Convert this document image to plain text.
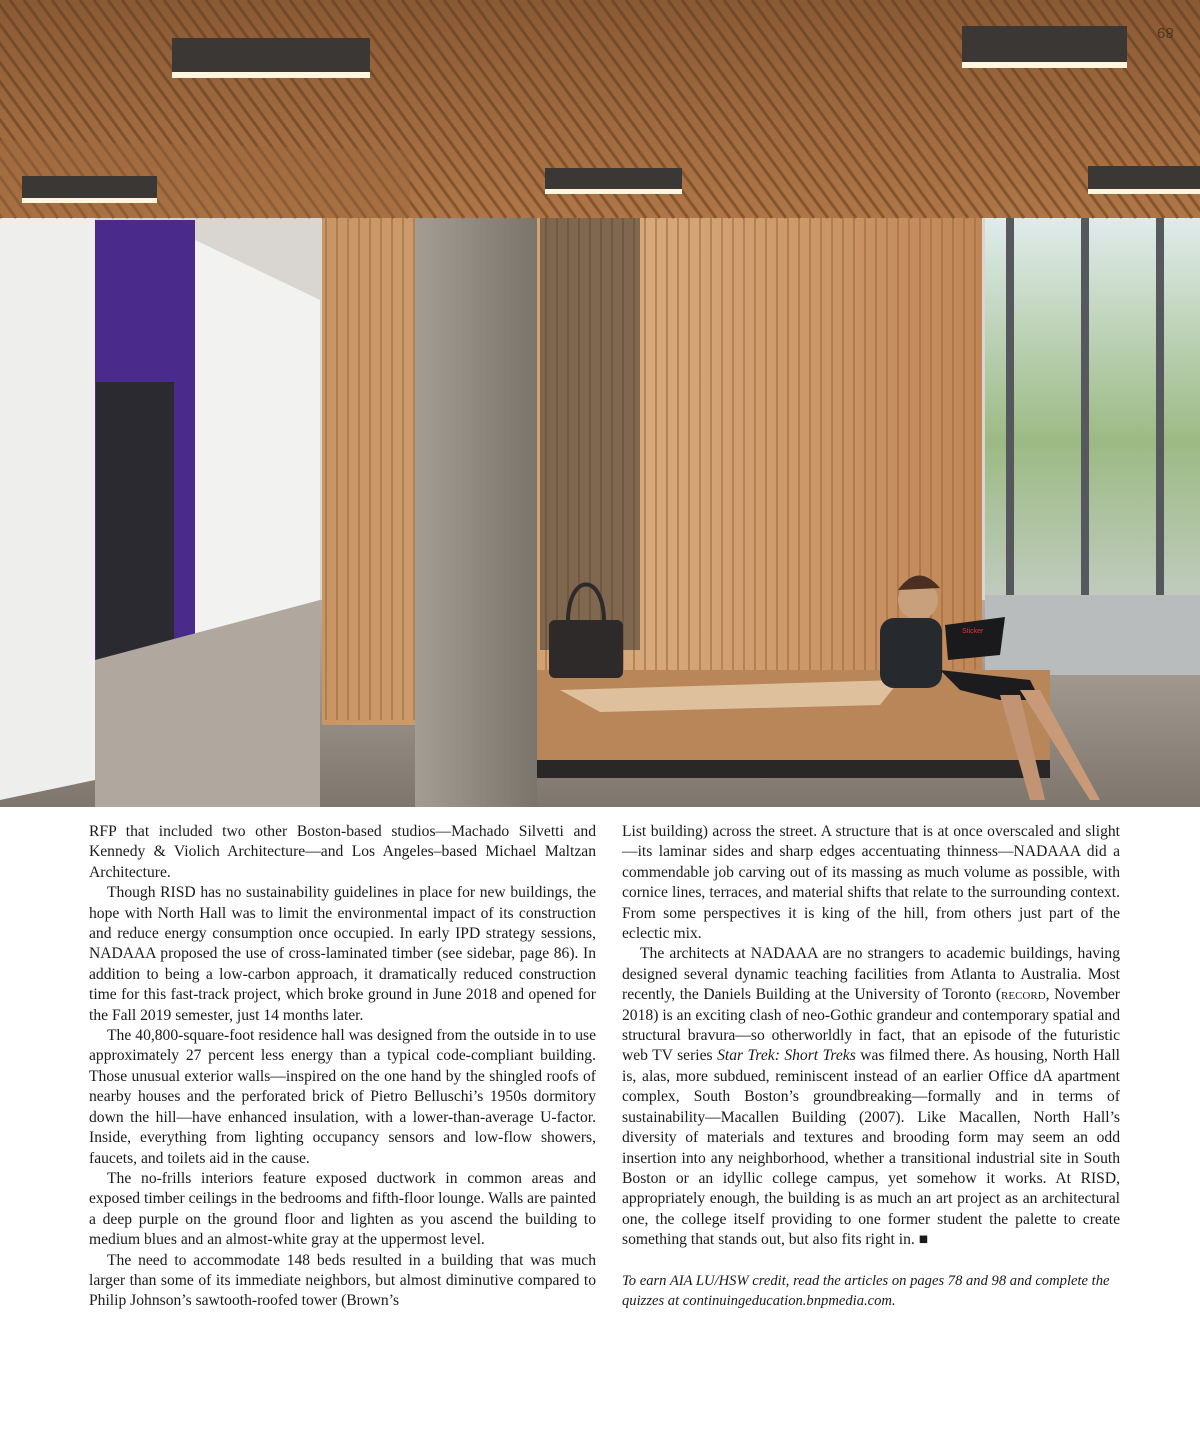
Sticker
89

RFP that included two other Boston-based studios—Machado Silvetti and Kennedy & Violich Architecture—and Los Angeles–based Michael Maltzan Architecture.

Though RISD has no sustainability guidelines in place for new buildings, the hope with North Hall was to limit the environmental impact of its construction and reduce energy consumption once occupied. In early IPD strategy sessions, NADAAA proposed the use of cross-laminated timber (see sidebar, page 86). In addition to being a low-carbon approach, it dramatically reduced construction time for this fast-track project, which broke ground in June 2018 and opened for the Fall 2019 semester, just 14 months later.

The 40,800-square-foot residence hall was designed from the outside in to use approximately 27 percent less energy than a typical code-compliant building. Those unusual exterior walls—inspired on the one hand by the shingled roofs of nearby houses and the perforated brick of Pietro Belluschi’s 1950s dormitory down the hill—have enhanced insulation, with a lower-than-average U-factor. Inside, everything from lighting occupancy sensors and low-flow showers, faucets, and toilets aid in the cause.

The no-frills interiors feature exposed ductwork in common areas and exposed timber ceilings in the bedrooms and fifth-floor lounge. Walls are painted a deep purple on the ground floor and lighten as you ascend the building to medium blues and an almost-white gray at the uppermost level.

The need to accommodate 148 beds resulted in a building that was much larger than some of its immediate neighbors, but almost diminutive compared to Philip Johnson’s sawtooth-roofed tower (Brown’s

List building) across the street. A structure that is at once overscaled and slight—its laminar sides and sharp edges accentuating thinness—NADAAA did a commendable job carving out of its massing as much volume as possible, with cornice lines, terraces, and material shifts that relate to the surrounding context. From some perspectives it is king of the hill, from others just part of the eclectic mix.

The architects at NADAAA are no strangers to academic buildings, having designed several dynamic teaching facilities from Atlanta to Australia. Most recently, the Daniels Building at the University of Toronto (record, November 2018) is an exciting clash of neo-Gothic grandeur and contemporary spatial and structural bravura—so otherworldly in fact, that an episode of the futuristic web TV series Star Trek: Short Treks was filmed there. As housing, North Hall is, alas, more subdued, reminiscent instead of an earlier Office dA apartment complex, South Boston’s groundbreaking—formally and in terms of sustainability—Macallen Building (2007). Like Macallen, North Hall’s diversity of materials and textures and brooding form may seem an odd insertion into any neighborhood, whether a transitional industrial site in South Boston or an idyllic college campus, yet somehow it works. At RISD, appropriately enough, the building is as much an art project as an architectural one, the college itself providing to one former student the palette to create something that stands out, but also fits right in. ■

To earn AIA LU/HSW credit, read the articles on pages 78 and 98 and complete the quizzes at continuingeducation.bnpmedia.com.
